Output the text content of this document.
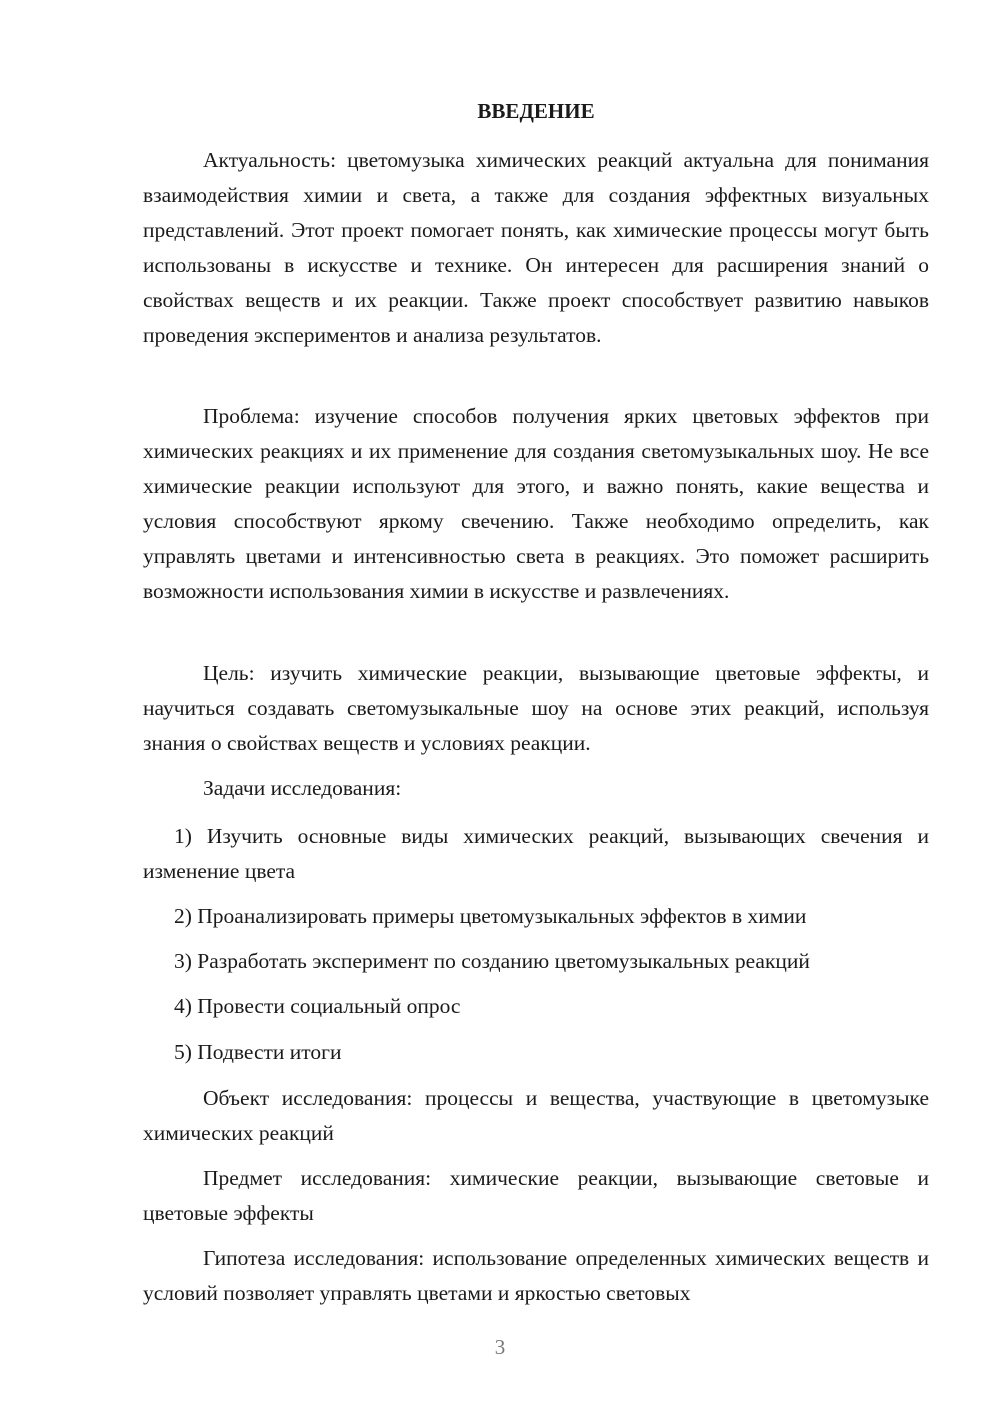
ВВЕДЕНИЕ

Актуальность: цветомузыка химических реакций актуальна для понимания взаимодействия химии и света, а также для создания эффектных визуальных представлений. Этот проект помогает понять, как химические процессы могут быть использованы в искусстве и технике. Он интересен для расширения знаний о свойствах веществ и их реакции. Также проект способствует развитию навыков проведения экспериментов и анализа результатов.

Проблема: изучение способов получения ярких цветовых эффектов при химических реакциях и их применение для создания светомузыкальных шоу. Не все химические реакции используют для этого, и важно понять, какие вещества и условия способствуют яркому свечению. Также необходимо определить, как управлять цветами и интенсивностью света в реакциях. Это поможет расширить возможности использования химии в искусстве и развлечениях.

Цель: изучить химические реакции, вызывающие цветовые эффекты, и научиться создавать светомузыкальные шоу на основе этих реакций, используя знания о свойствах веществ и условиях реакции.

Задачи исследования:

1) Изучить основные виды химических реакций, вызывающих свечения и изменение цвета

2) Проанализировать примеры цветомузыкальных эффектов в химии

3) Разработать эксперимент по созданию цветомузыкальных реакций

4) Провести социальный опрос

5) Подвести итоги

Объект исследования: процессы и вещества, участвующие в цветомузыке химических реакций

Предмет исследования: химические реакции, вызывающие световые и цветовые эффекты

Гипотеза исследования: использование определенных химических веществ и условий позволяет управлять цветами и яркостью световых

3
